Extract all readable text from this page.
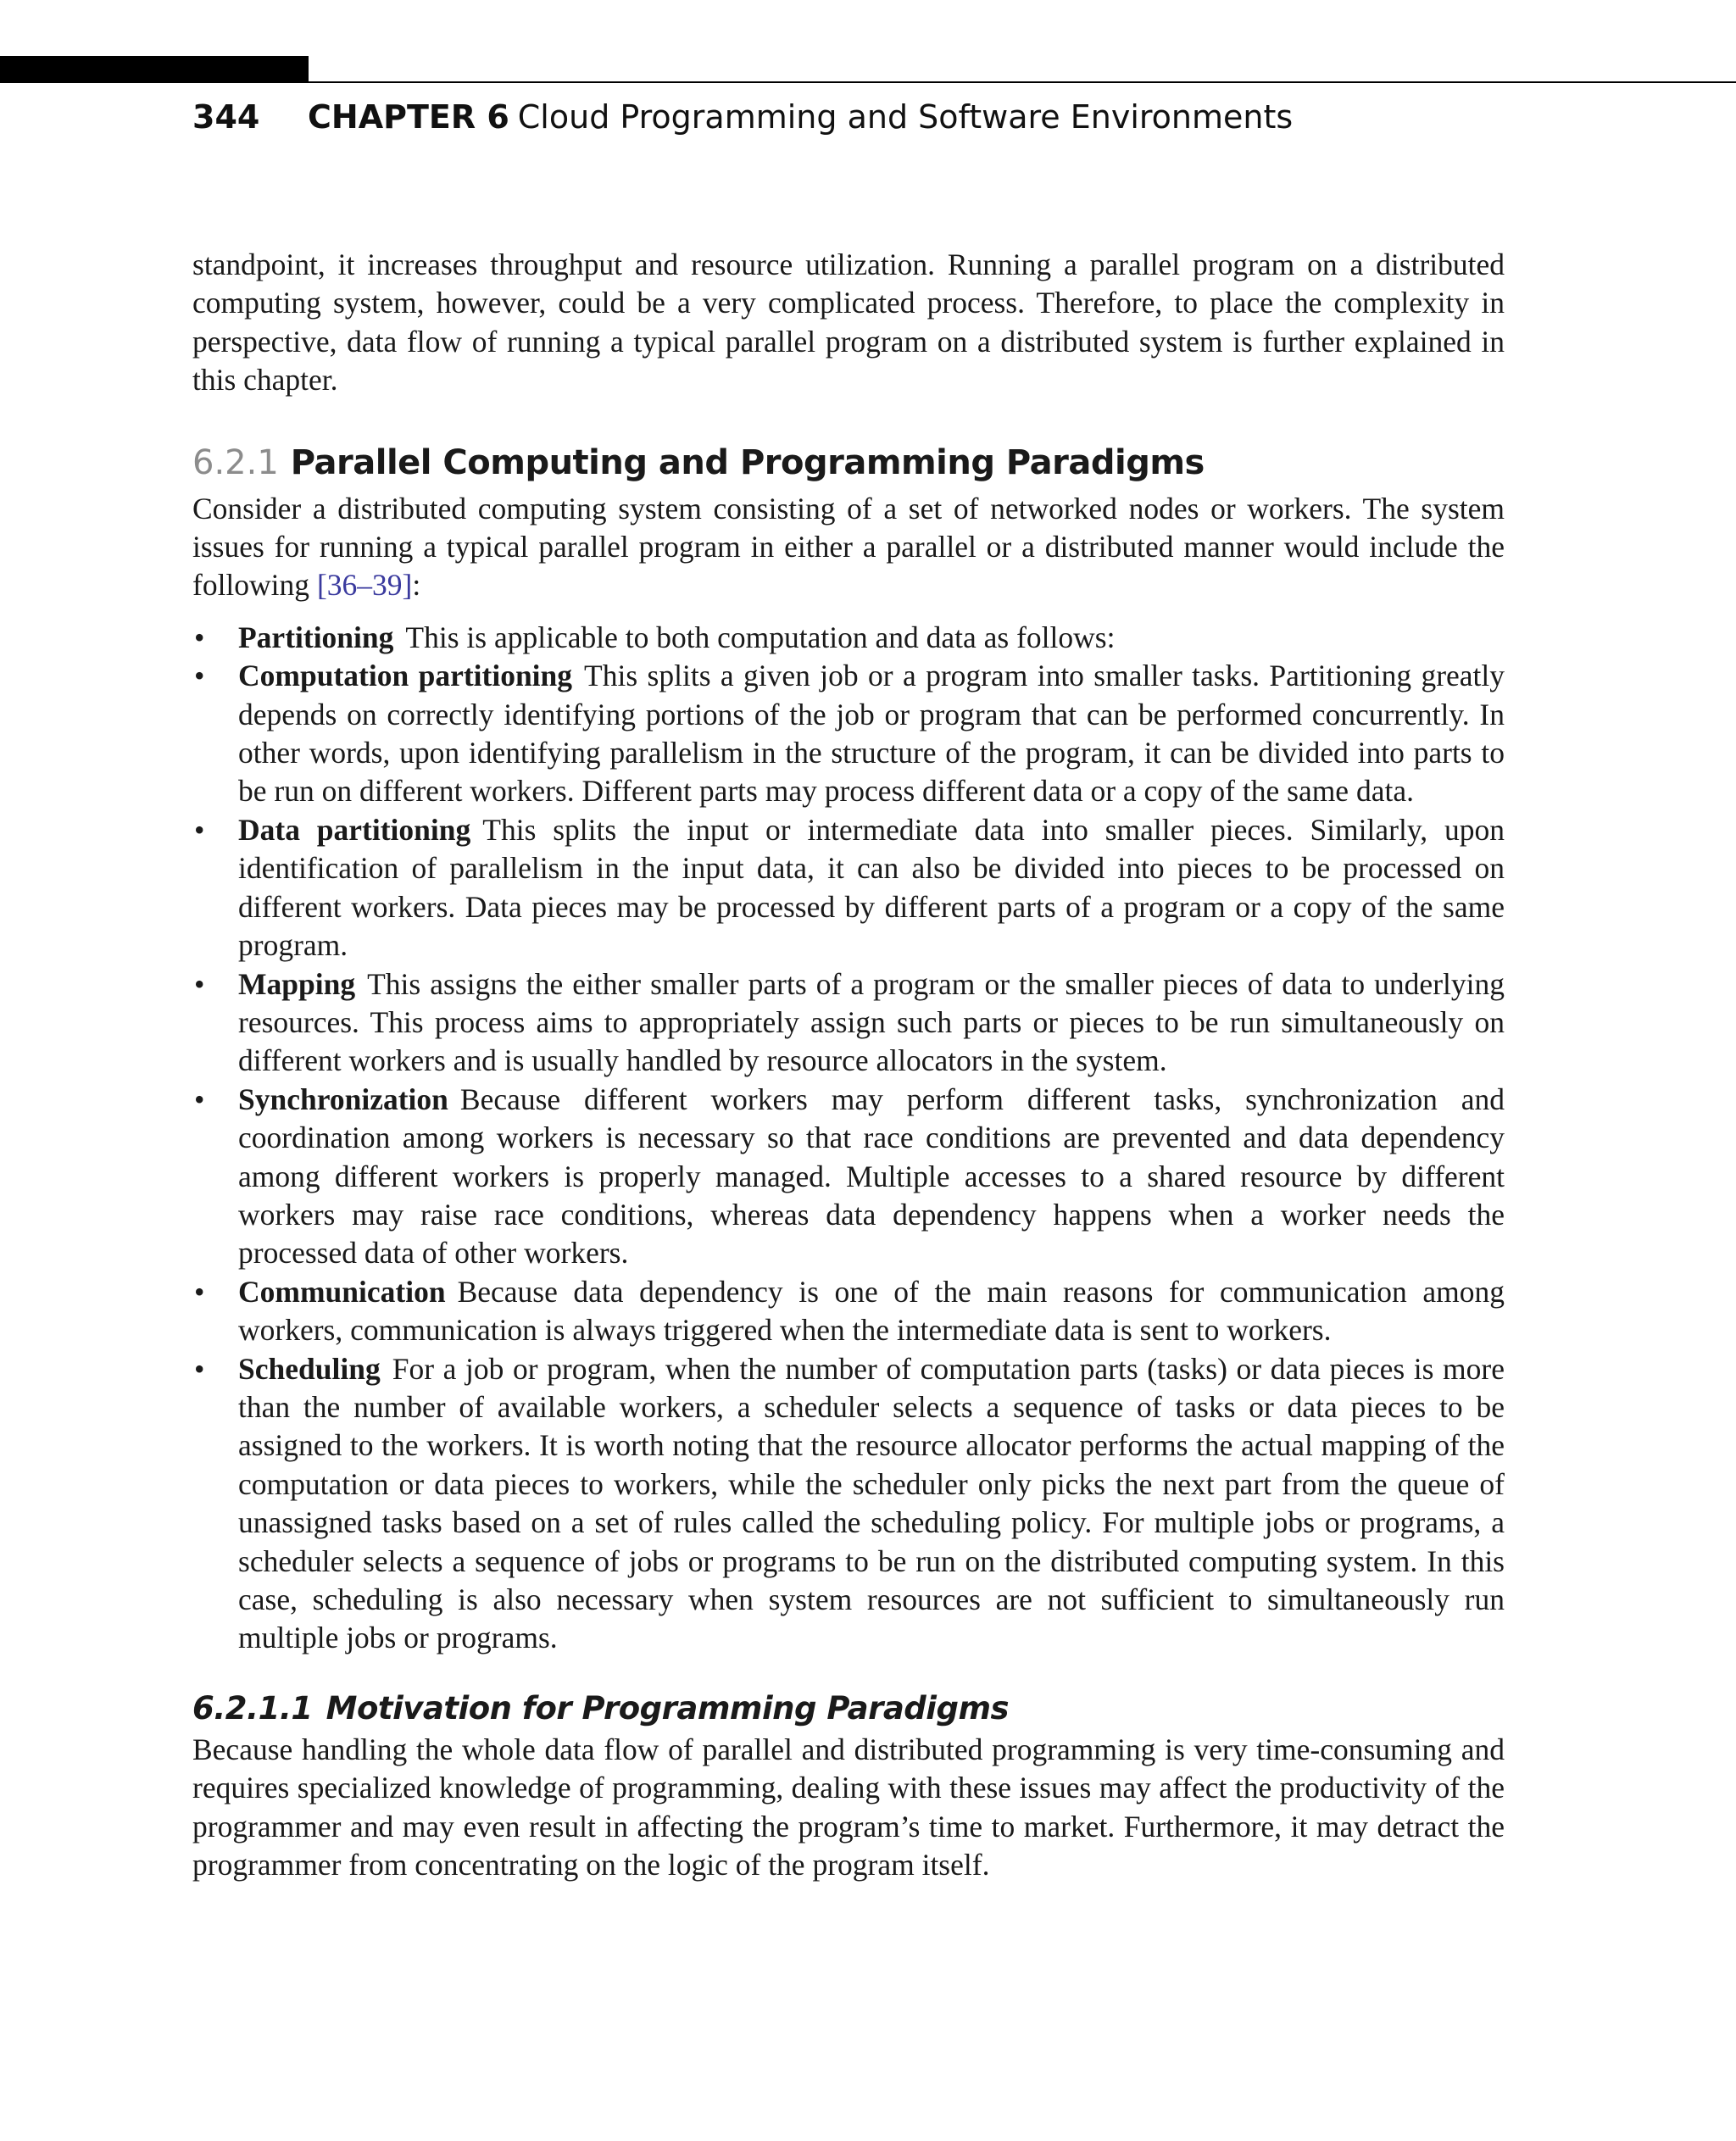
344 CHAPTER 6 Cloud Programming and Software Environments

standpoint, it increases throughput and resource utilization. Running a parallel program on a distributed computing system, however, could be a very complicated process. Therefore, to place the complexity in perspective, data flow of running a typical parallel program on a distributed system is further explained in this chapter.

6.2.1 Parallel Computing and Programming Paradigms

Consider a distributed computing system consisting of a set of networked nodes or workers. The system issues for running a typical parallel program in either a parallel or a distributed manner would include the following [36–39]:

• Partitioning This is applicable to both computation and data as follows:
• Computation partitioning This splits a given job or a program into smaller tasks. Partitioning greatly depends on correctly identifying portions of the job or program that can be performed concurrently. In other words, upon identifying parallelism in the structure of the program, it can be divided into parts to be run on different workers. Different parts may process different data or a copy of the same data.
• Data partitioning This splits the input or intermediate data into smaller pieces. Similarly, upon identification of parallelism in the input data, it can also be divided into pieces to be processed on different workers. Data pieces may be processed by different parts of a program or a copy of the same program.
• Mapping This assigns the either smaller parts of a program or the smaller pieces of data to underlying resources. This process aims to appropriately assign such parts or pieces to be run simultaneously on different workers and is usually handled by resource allocators in the system.
• Synchronization Because different workers may perform different tasks, synchronization and coordination among workers is necessary so that race conditions are prevented and data dependency among different workers is properly managed. Multiple accesses to a shared resource by different workers may raise race conditions, whereas data dependency happens when a worker needs the processed data of other workers.
• Communication Because data dependency is one of the main reasons for communication among workers, communication is always triggered when the intermediate data is sent to workers.
• Scheduling For a job or program, when the number of computation parts (tasks) or data pieces is more than the number of available workers, a scheduler selects a sequence of tasks or data pieces to be assigned to the workers. It is worth noting that the resource allocator performs the actual mapping of the computation or data pieces to workers, while the scheduler only picks the next part from the queue of unassigned tasks based on a set of rules called the scheduling policy. For multiple jobs or programs, a scheduler selects a sequence of jobs or programs to be run on the distributed computing system. In this case, scheduling is also necessary when system resources are not sufficient to simultaneously run multiple jobs or programs.
6.2.1.1 Motivation for Programming Paradigms

Because handling the whole data flow of parallel and distributed programming is very time-consuming and requires specialized knowledge of programming, dealing with these issues may affect the productivity of the programmer and may even result in affecting the program’s time to market. Furthermore, it may detract the programmer from concentrating on the logic of the program itself.
